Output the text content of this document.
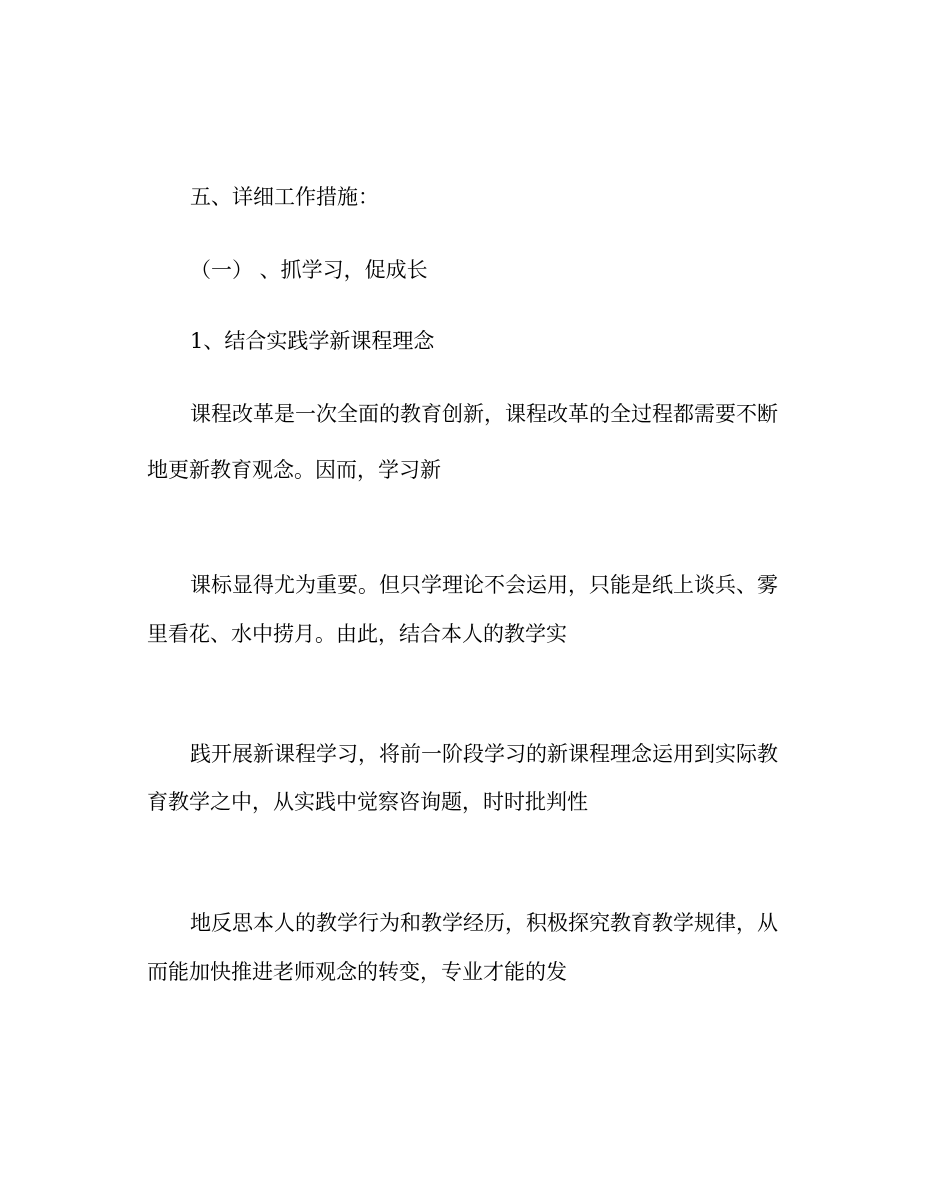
五、详细工作措施：
（一） 、抓学习，促成长
1、结合实践学新课程理念
课程改革是一次全面的教育创新，课程改革的全过程都需要不断
地更新教育观念。因而，学习新
课标显得尤为重要。但只学理论不会运用，只能是纸上谈兵、雾
里看花、水中捞月。由此，结合本人的教学实
践开展新课程学习，将前一阶段学习的新课程理念运用到实际教
育教学之中，从实践中觉察咨询题，时时批判性
地反思本人的教学行为和教学经历，积极探究教育教学规律，从
而能加快推进老师观念的转变，专业才能的发
